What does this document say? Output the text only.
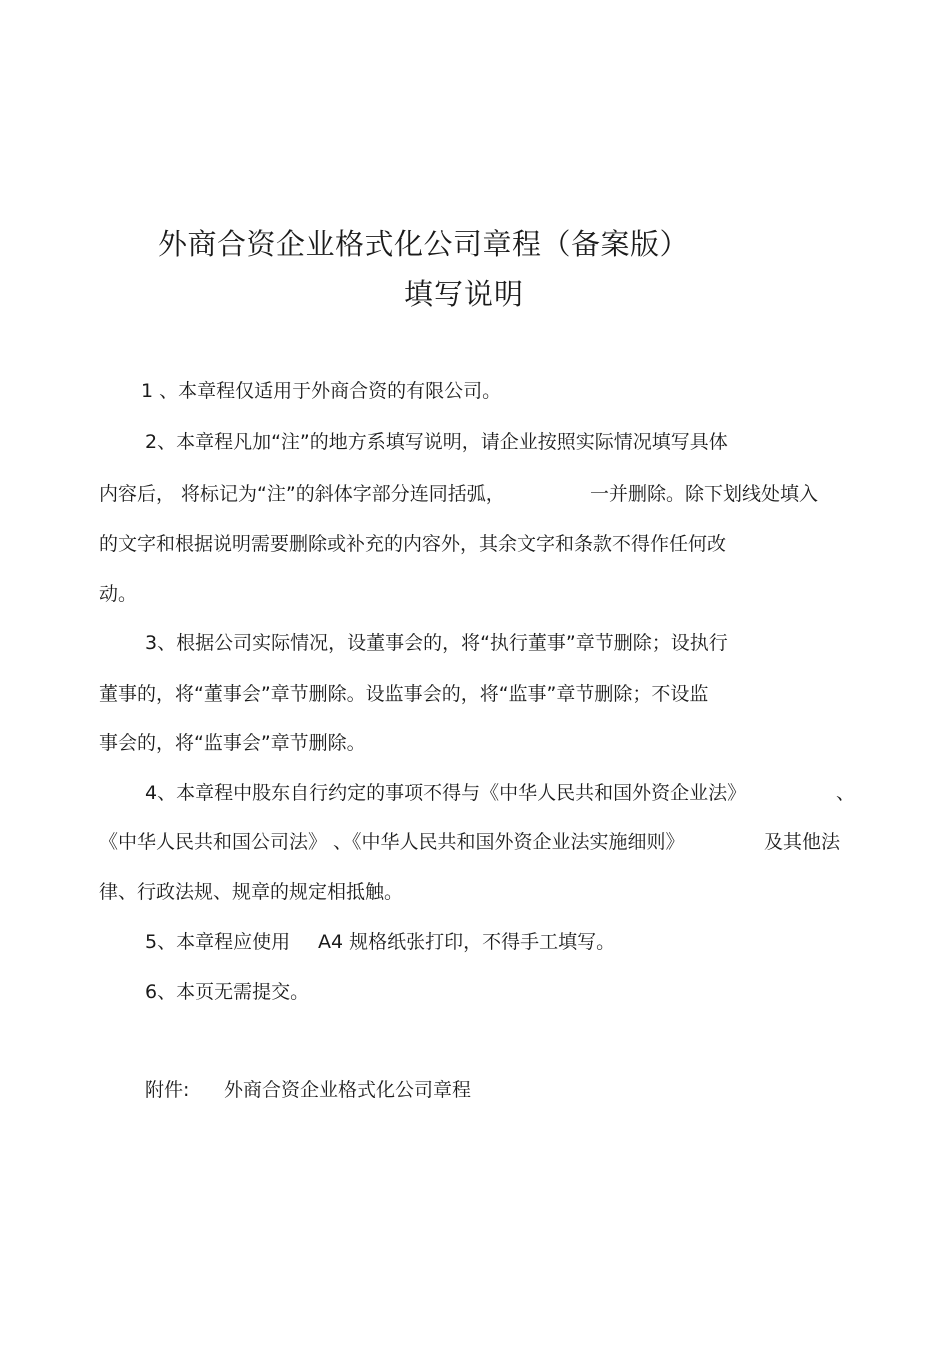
外商合资企业格式化公司章程（备案版）
填写说明
1 、本章程仅适用于外商合资的有限公司。
2、本章程凡加“注”的地方系填写说明，请企业按照实际情况填写具体
内容后， 将标记为“注”的斜体字部分连同括弧，	一并删除。除下划线处填入
的文字和根据说明需要删除或补充的内容外，其余文字和条款不得作任何改
动。
3、根据公司实际情况，设董事会的，将“执行董事”章节删除；设执行
董事的，将“董事会”章节删除。设监事会的，将“监事”章节删除；不设监
事会的，将“监事会”章节删除。
4、本章程中股东自行约定的事项不得与《中华人民共和国外资企业法》	、
《中华人民共和国公司法》 、《中华人民共和国外资企业法实施细则》	及其他法
律、行政法规、规章的规定相抵触。
5、本章程应使用 A4 规格纸张打印，不得手工填写。
6、本页无需提交。
附件: 外商合资企业格式化公司章程
